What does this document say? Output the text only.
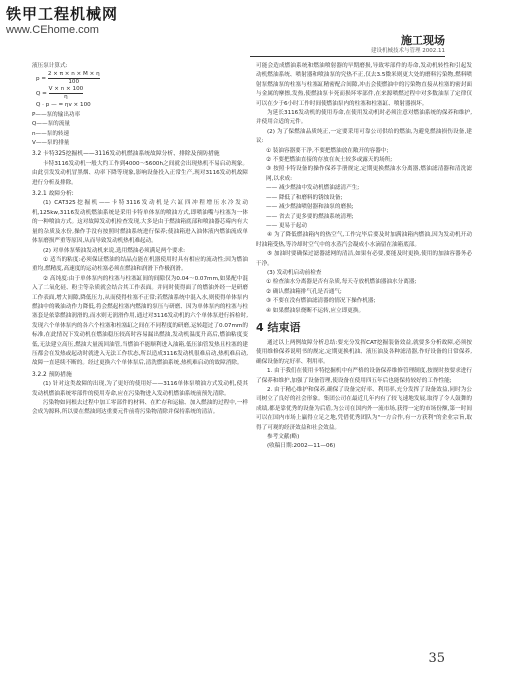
铁甲工程机械网
www.CEhome.com
施工现场
建设机械技术与管理 2002.11

液压泵计算式:

$p = \frac{2 \times \pi \times n \times M \times \eta}{100}$
$Q = \frac{V \times n \times 100}{\eta}$
Q · p — = ηv × 100

P——泵的输出功率

Q——泵的流量

n——泵的转速

V——泵的排量

3.2 卡特325挖掘机——3116发动机燃油系统故障分析、排除及预防措施

卡特3116发动机一般大约工作到4000～5600h之间就会出现热机不易启动现象。由此引发发动机冒黑烟、功率下降等现象,影响设备投入正常生产,现对3116发动机故障进行分析及排除。

3.2.1 故障分析:

(1) CAT325挖掘机——卡特3116发动机是六缸四冲程增压水冷发动机,125kw,3116发动机燃油系统是采用卡特单体泵的喷油方式,即喷油嘴与柱塞为一体的一种喷油方式。这对故障发动机检查发现,大多是由于燃油箱底部和喷油器芯霉内有大量的杂质及水份,操作手没有按照时燃油系统进行保养;使油箱进入油体液内燃油流成单体泵磨损严重等原因,从而导致发动机热机难起动。

(2) 对单体泵柴油发动机来说,选用燃油必须满足两个要求:

① 适当的粘度:必须保证燃油的结晶点能在机器使用时具有相应的流动性;因为燃油重均,燃精度,高速度的运动柱塞必须在燃油和润滑下作极润滑。

② 高纯度:由于单体泵内的柱塞与柱塞缸间的间隙仅为0.04～0.07mm,如果配中混入了二氧化硅、粉尘等杂质就会结合其工作表面。并同时使得面了的燃油外经一是研磨工作表面,增大间隙,降低压力,从而使得柱塞不正常;若燃油系统中混入水,则使得单体泵内燃油中的吸油动作力降低,将会燃起柱塞内燃油的泵压与研磨、因为单体泵内的柱塞与柱塞套是依靠燃油润滑的,而水则无润滑作用,通过对3116发动机的六个单体泵进行拆检时,发现六个单体泵内的各六个柱塞和柱塞缸之间在不同程度的研磨,运转超过了0.07mm的标准,在此情况下发动机在燃油稳压较高时容易漏出燃油,发动机温度升高后,燃油粘度变低,无法建立高压,燃油大量流回油管,当燃油不能顺利进入油箱,低压油管发热且柱塞的建压都会在发热或起动时就进入无法工作状态,所以造成3116发动机很难启动,热机难启动,故障一直延续不断的。经过更换六个单体泵后,清洗燃油系统,热机难启动的故障消除。

3.2.2 预防措施

(1) 针对这类故障的出现,为了更好的使用好——3116单体泵喷油方式发动机,使其发动机燃油系统零部件的使用寿命,应在污染物进入发动机燃油系统前预先清除。

污染物如同根去过程中加工零部件的材料、在贮存和运输、加入燃油的过程中,一样会成为源料,所以要在燃油到达重要元件前将污染物清除并保持系统的清洁。

可能会造成燃油系统和燃油喷射器的早期磨损,导致零部件的寿命,发动机转性和引起发动机燃油系统、喷射器和喷油泵的究热不正,仅去3.5微米则更大处的磨料污染物,燃料喷射泵燃油泵的柱塞与柱塞缸精密配合间隙,冲击会使燃油中的污染物直接从柱塞的密封面与金属的摩擦,发热,使燃油泵卡死而损坏零部件,在来源喷燃过程中对多数油泵了定律仅可以在少于6小时工作时间使燃油泵内的柱塞和柱塞缸、喷射器损坏。

为延长3116发动机的使用寿命,在使用发动机时必须注意对燃油系统的保养和维护,并使用合适的元件。

(2) 为了保燃油品质纯正,一定要采用可靠公司供给的燃油,为避免燃油损伤设备,建议:

① 装油容器要干净,不要把燃油放在敞开的容器中;

② 不要把燃油直接的存放在灰土较多或露天的场所;

③ 按照卡特设备的操作保养手册规定,定期更换燃油水分离器,燃油滤清器和清洗滤网,以求成:

—— 减少燃油中发动机燃油滤清产生;

—— 降低了和磨料的锈蚀设备;

—— 减少燃油喷射器和油泵的磨损;

—— 省去了更多要的燃油系统清理;

—— 更易于起动

④ 为了降低燃油箱内的热空气,工作完毕后要及时加满油箱内燃油,因为发动机开动时油箱受热,等冷却时空气中的水蒸汽会凝成小水滴留在油箱底部。

⑤ 加油时要确保过滤器滤网的清洁,如果有必要,要能及时更换,使用的加油容器务必干净。

(3) 发动机启动前检查

① 检查油水分离器是否有杂质,每天寺放机燃油器油水分离器;

② 确认燃油箱排气孔是否通气;

③ 不要在没有燃油滤清器的情况下操作机器;

④ 如果燃油泵烧断不运转,应立即更换。

4 结束语

通过以上两例故障分析总结:要充分发挥CAT挖掘装备效益,就要多分析故障,必须按使用维修保养说明书的规定,定期更换机油、液压油及各种滤清器,作好设备的日常保养,确保设备的完好率、利用率。

1. 由于我们在使用卡特挖掘机中有严格的设备保养维修管理制度,按规时按要求进行了保养和维护,加强了设备管理,使设备在使用四五年后也能保持较好的工作性能;

2. 由于精心维护和保养,确保了设备完好率、利用率,充分发挥了设备效益,同时为公司树立了良好的社会形象。集团公司在最近几年内有了较飞速地发展,取得了令人鼓舞的成绩,都是靠优秀的设备为后盾,为公司在国内外一流市场,获得一定的市场份额,第一时间可以在国内市场上赢得立足之地,凭借优秀团队为"一方合作,有一方获利"的企业宗旨,取得了可观的经济效益和社会效益。

参考文献(略)

(收稿日期:2002—11—06)

35
